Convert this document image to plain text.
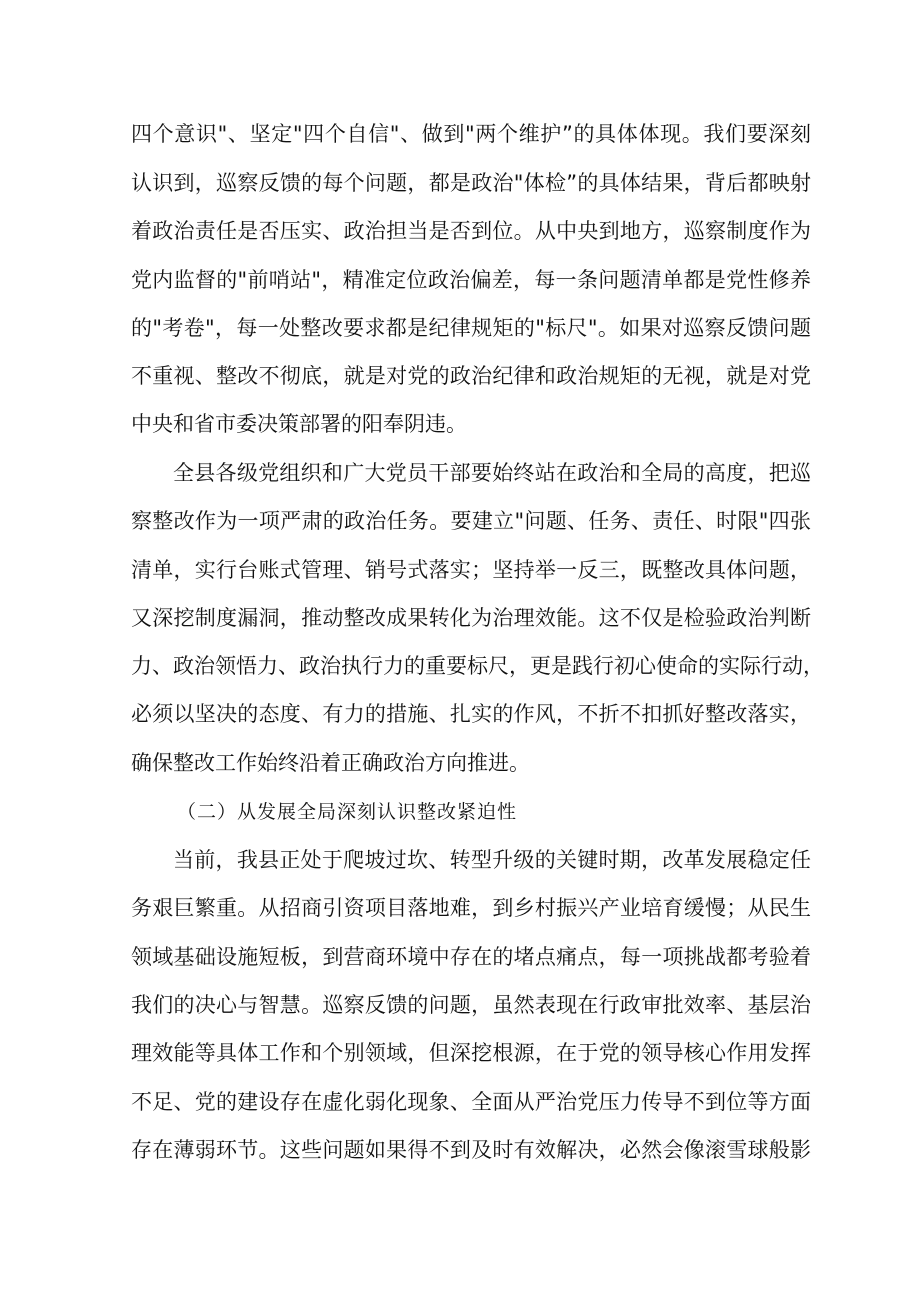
四个意识"、坚定"四个自信"、做到"两个维护”的具体体现。我们要深刻
认识到，巡察反馈的每个问题，都是政治"体检”的具体结果，背后都映射
着政治责任是否压实、政治担当是否到位。从中央到地方，巡察制度作为
党内监督的"前哨站"，精准定位政治偏差，每一条问题清单都是党性修养
的"考卷"，每一处整改要求都是纪律规矩的"标尺"。如果对巡察反馈问题
不重视、整改不彻底，就是对党的政治纪律和政治规矩的无视，就是对党
中央和省市委决策部署的阳奉阴违。
全县各级党组织和广大党员干部要始终站在政治和全局的高度，把巡
察整改作为一项严肃的政治任务。要建立"问题、任务、责任、时限"四张
清单，实行台账式管理、销号式落实；坚持举一反三，既整改具体问题，
又深挖制度漏洞，推动整改成果转化为治理效能。这不仅是检验政治判断
力、政治领悟力、政治执行力的重要标尺，更是践行初心使命的实际行动，
必须以坚决的态度、有力的措施、扎实的作风，不折不扣抓好整改落实，
确保整改工作始终沿着正确政治方向推进。
（二）从发展全局深刻认识整改紧迫性
当前，我县正处于爬坡过坎、转型升级的关键时期，改革发展稳定任
务艰巨繁重。从招商引资项目落地难，到乡村振兴产业培育缓慢；从民生
领域基础设施短板，到营商环境中存在的堵点痛点，每一项挑战都考验着
我们的决心与智慧。巡察反馈的问题，虽然表现在行政审批效率、基层治
理效能等具体工作和个别领域，但深挖根源，在于党的领导核心作用发挥
不足、党的建设存在虚化弱化现象、全面从严治党压力传导不到位等方面
存在薄弱环节。这些问题如果得不到及时有效解决，必然会像滚雪球般影
